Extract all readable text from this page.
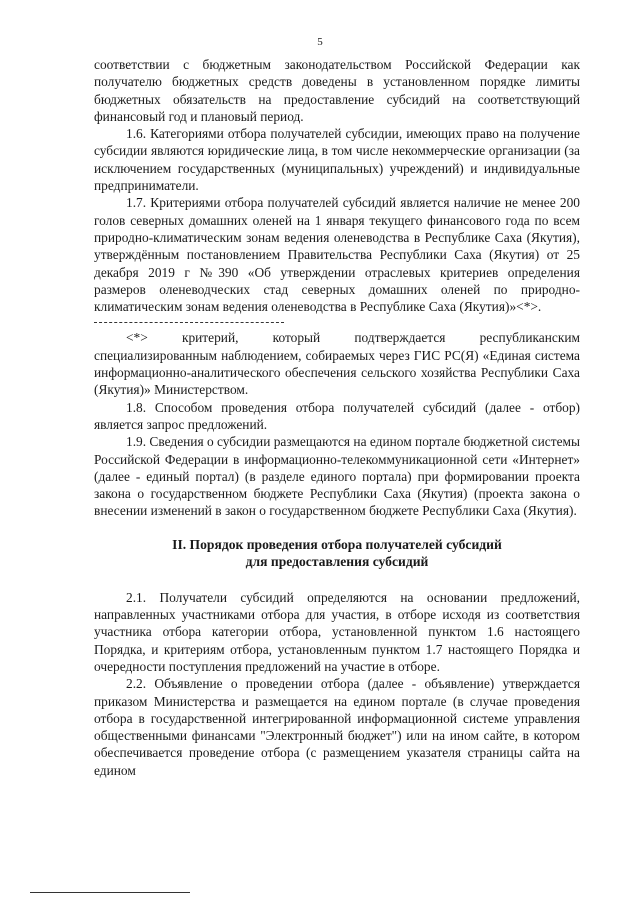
5

соответствии с бюджетным законодательством Российской Федерации как получателю бюджетных средств доведены в установленном порядке лимиты бюджетных обязательств на предоставление субсидий на соответствующий финансовый год и плановый период.

1.6. Категориями отбора получателей субсидии, имеющих право на получение субсидии являются юридические лица, в том числе некоммерческие организации (за исключением государственных (муниципальных) учреждений) и индивидуальные предприниматели.

1.7. Критериями отбора получателей субсидий является наличие не менее 200 голов северных домашних оленей на 1 января текущего финансового года по всем природно-климатическим зонам ведения оленеводства в Республике Саха (Якутия), утверждённым постановлением Правительства Республики Саха (Якутия) от 25 декабря 2019 г №390 «Об утверждении отраслевых критериев определения размеров оленеводческих стад северных домашних оленей по природно-климатическим зонам ведения оленеводства в Республике Саха (Якутия)»<*>.

<*> критерий, который подтверждается республиканским специализированным наблюдением, собираемых через ГИС РС(Я) «Единая система информационно-аналитического обеспечения сельского хозяйства Республики Саха (Якутия)» Министерством.

1.8. Способом проведения отбора получателей субсидий (далее - отбор) является запрос предложений.

1.9. Сведения о субсидии размещаются на едином портале бюджетной системы Российской Федерации в информационно-телекоммуникационной сети «Интернет» (далее - единый портал) (в разделе единого портала) при формировании проекта закона о государственном бюджете Республики Саха (Якутия) (проекта закона о внесении изменений в закон о государственном бюджете Республики Саха (Якутия).

II. Порядок проведения отбора получателей субсидий
для предоставления субсидий

2.1. Получатели субсидий определяются на основании предложений, направленных участниками отбора для участия, в отборе исходя из соответствия участника отбора категории отбора, установленной пунктом 1.6 настоящего Порядка, и критериям отбора, установленным пунктом 1.7 настоящего Порядка и очередности поступления предложений на участие в отборе.

2.2. Объявление о проведении отбора (далее - объявление) утверждается приказом Министерства и размещается на едином портале (в случае проведения отбора в государственной интегрированной информационной системе управления общественными финансами "Электронный бюджет") или на ином сайте, в котором обеспечивается проведение отбора (с размещением указателя страницы сайта на едином
